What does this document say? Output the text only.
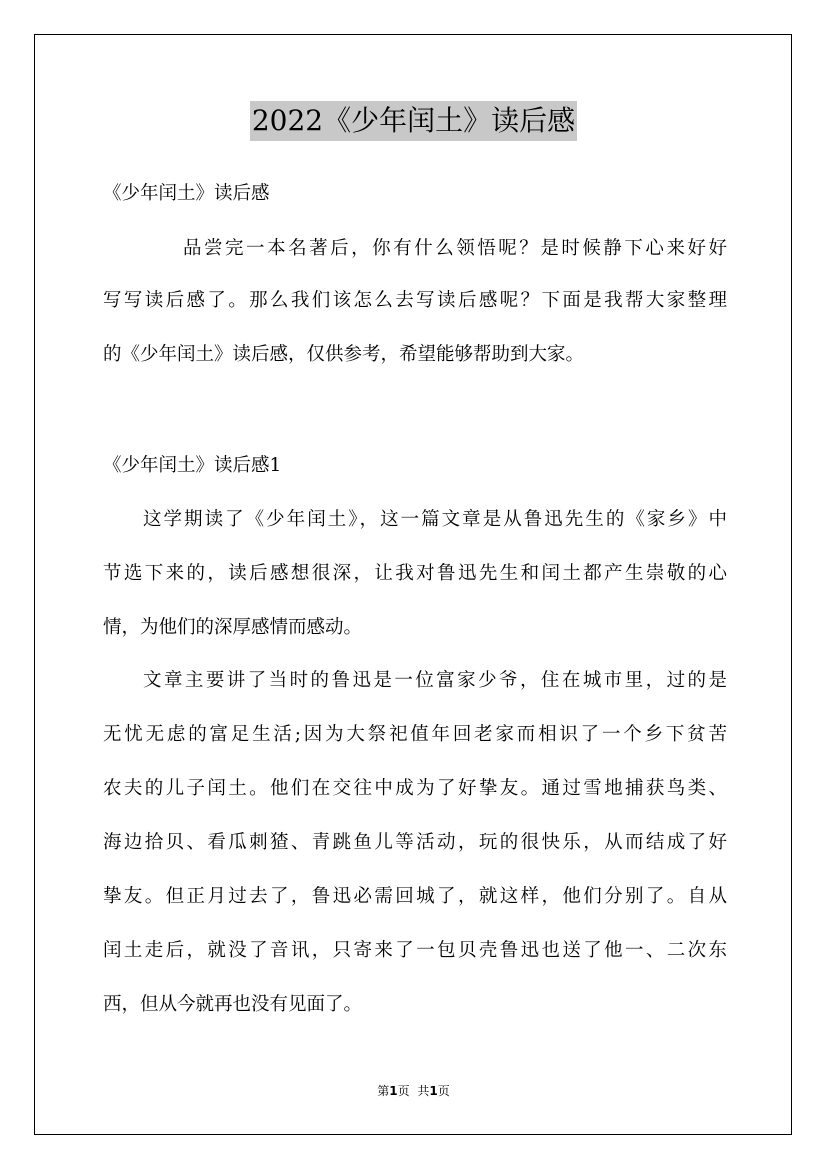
2022《少年闰土》读后感
《少年闰土》读后感
品尝完一本名著后，你有什么领悟呢？是时候静下心来好好
写写读后感了。那么我们该怎么去写读后感呢？下面是我帮大家整理
的《少年闰土》读后感，仅供参考，希望能够帮助到大家。
《少年闰土》读后感1
这学期读了《少年闰土》，这一篇文章是从鲁迅先生的《家乡》中
节选下来的，读后感想很深，让我对鲁迅先生和闰土都产生崇敬的心
情，为他们的深厚感情而感动。
文章主要讲了当时的鲁迅是一位富家少爷，住在城市里，过的是
无忧无虑的富足生活;因为大祭祀值年回老家而相识了一个乡下贫苦
农夫的儿子闰土。他们在交往中成为了好挚友。通过雪地捕获鸟类、
海边拾贝、看瓜刺猹、青跳鱼儿等活动，玩的很快乐，从而结成了好
挚友。但正月过去了，鲁迅必需回城了，就这样，他们分别了。自从
闰土走后，就没了音讯，只寄来了一包贝壳鲁迅也送了他一、二次东
西，但从今就再也没有见面了。
第1页 共1页
